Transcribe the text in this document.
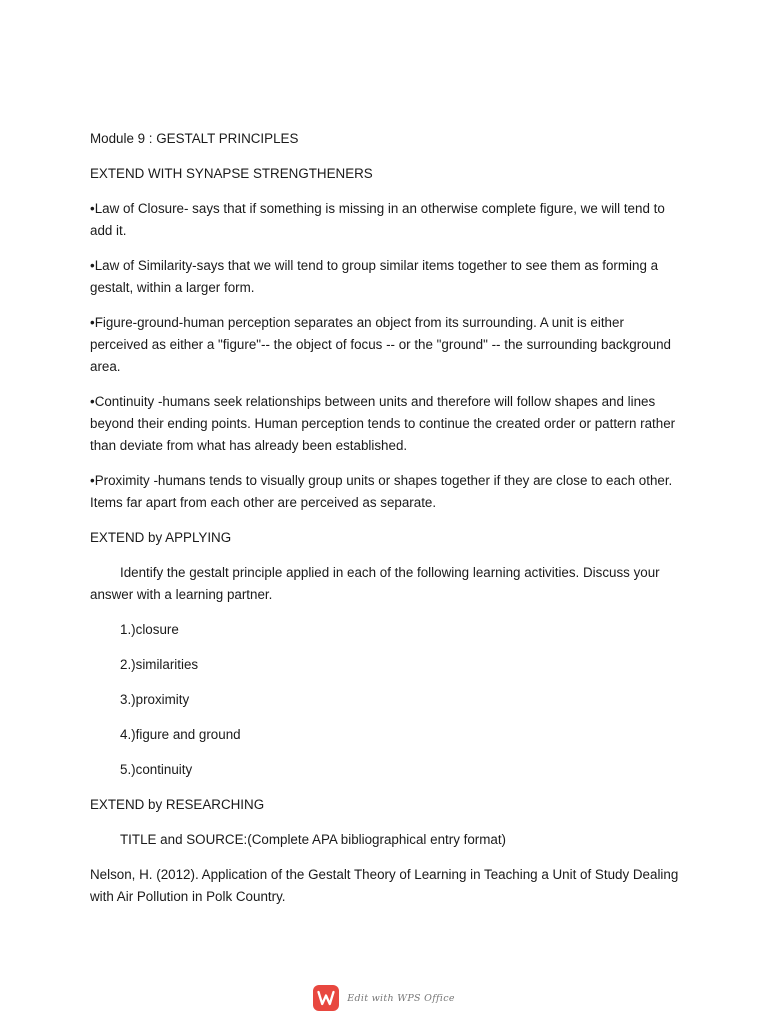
Module 9 : GESTALT PRINCIPLES

EXTEND WITH SYNAPSE STRENGTHENERS

•Law of Closure- says that if something is missing in an otherwise complete figure, we will tend to add it.

•Law of Similarity-says that we will tend to group similar items together to see them as forming a gestalt, within a larger form.

•Figure-ground-human perception separates an object from its surrounding. A unit is either perceived as either a "figure"-- the object of focus -- or the "ground" -- the surrounding background area.

•Continuity -humans seek relationships between units and therefore will follow shapes and lines beyond their ending points. Human perception tends to continue the created order or pattern rather than deviate from what has already been established.

•Proximity -humans tends to visually group units or shapes together if they are close to each other. Items far apart from each other are perceived as separate.

EXTEND by APPLYING

Identify the gestalt principle applied in each of the following learning activities. Discuss your answer with a learning partner.

1.)closure

2.)similarities

3.)proximity

4.)figure and ground

5.)continuity

EXTEND by RESEARCHING

TITLE and SOURCE:(Complete APA bibliographical entry format)

Nelson, H. (2012). Application of the Gestalt Theory of Learning in Teaching a Unit of Study Dealing with Air Pollution in Polk Country.

Edit with WPS Office
